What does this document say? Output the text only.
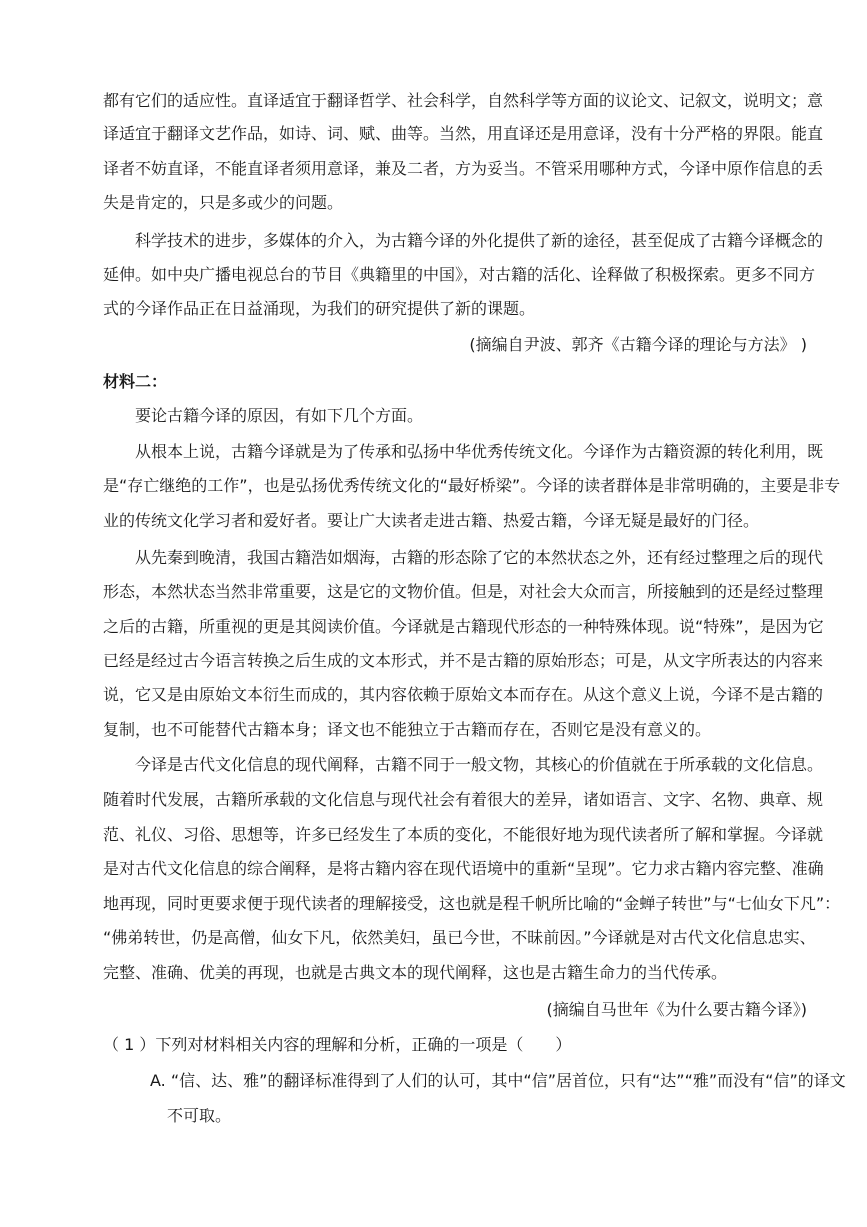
都有它们的适应性。直译适宜于翻译哲学、社会科学，自然科学等方面的议论文、记叙文，说明文；意
译适宜于翻译文艺作品，如诗、词、赋、曲等。当然，用直译还是用意译，没有十分严格的界限。能直
译者不妨直译，不能直译者须用意译，兼及二者，方为妥当。不管采用哪种方式，今译中原作信息的丢
失是肯定的，只是多或少的问题。
科学技术的进步，多媒体的介入，为古籍今译的外化提供了新的途径，甚至促成了古籍今译概念的
延伸。如中央广播电视总台的节目《典籍里的中国》，对古籍的活化、诠释做了积极探索。更多不同方
式的今译作品正在日益涌现，为我们的研究提供了新的课题。
(摘编自尹波、郭齐《古籍今译的理论与方法》 )
材料二：
要论古籍今译的原因，有如下几个方面。
从根本上说，古籍今译就是为了传承和弘扬中华优秀传统文化。今译作为古籍资源的转化利用，既
是“存亡继绝的工作”，也是弘扬优秀传统文化的“最好桥梁”。今译的读者群体是非常明确的，主要是非专
业的传统文化学习者和爱好者。要让广大读者走进古籍、热爱古籍，今译无疑是最好的门径。
从先秦到晚清，我国古籍浩如烟海，古籍的形态除了它的本然状态之外，还有经过整理之后的现代
形态，本然状态当然非常重要，这是它的文物价值。但是，对社会大众而言，所接触到的还是经过整理
之后的古籍，所重视的更是其阅读价值。今译就是古籍现代形态的一种特殊体现。说“特殊”，是因为它
已经是经过古今语言转换之后生成的文本形式，并不是古籍的原始形态；可是，从文字所表达的内容来
说，它又是由原始文本衍生而成的，其内容依赖于原始文本而存在。从这个意义上说，今译不是古籍的
复制，也不可能替代古籍本身；译文也不能独立于古籍而存在，否则它是没有意义的。
今译是古代文化信息的现代阐释，古籍不同于一般文物，其核心的价值就在于所承载的文化信息。
随着时代发展，古籍所承载的文化信息与现代社会有着很大的差异，诸如语言、文字、名物、典章、规
范、礼仪、习俗、思想等，许多已经发生了本质的变化，不能很好地为现代读者所了解和掌握。今译就
是对古代文化信息的综合阐释，是将古籍内容在现代语境中的重新“呈现”。它力求古籍内容完整、准确
地再现，同时更要求便于现代读者的理解接受，这也就是程千帆所比喻的“金蝉子转世”与“七仙女下凡”：
“佛弟转世，仍是高僧，仙女下凡，依然美妇，虽已今世，不昧前因。”今译就是对古代文化信息忠实、
完整、准确、优美的再现，也就是古典文本的现代阐释，这也是古籍生命力的当代传承。
(摘编自马世年《为什么要古籍今译》)
（ 1 ）下列对材料相关内容的理解和分析，正确的一项是（　　）
A. “信、达、雅”的翻译标准得到了人们的认可，其中“信”居首位，只有“达”“雅”而没有“信”的译文
不可取。
